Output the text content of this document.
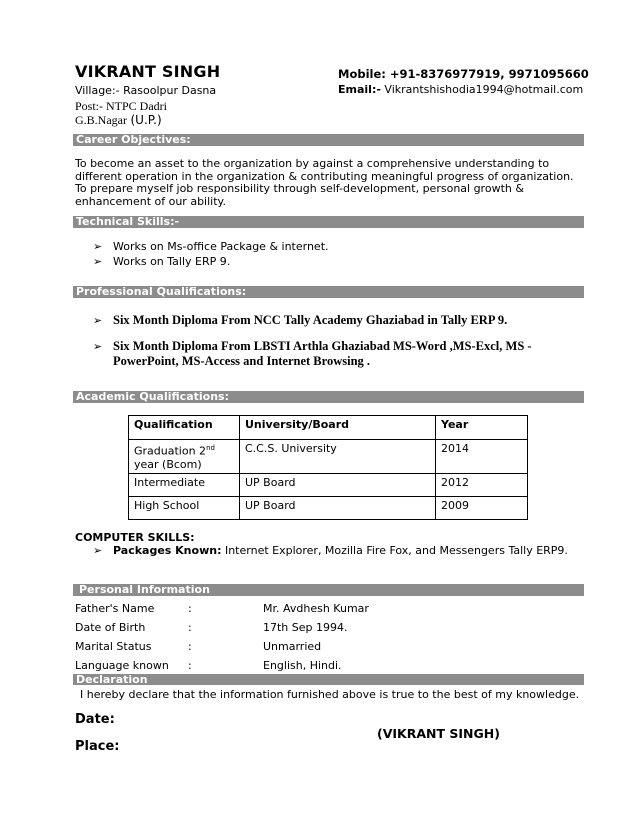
VIKRANT SINGH	Mobile: +91-8376977919, 9971095660
Village:- Rasoolpur Dasna	Email:- Vikrantshishodia1994@hotmail.com
Post:- NTPC Dadri
G.B.Nagar (U.P.)
Career Objectives:
To become an asset to the organization by against a comprehensive understanding to different operation in the organization & contributing meaningful progress of organization. To prepare myself job responsibility through self-development, personal growth & enhancement of our ability.
Technical Skills:-
➢ Works on Ms-office Package & internet.
➢ Works on Tally ERP 9.
Professional Qualifications:
➢ Six Month Diploma From NCC Tally Academy Ghaziabad in Tally ERP 9.
➢ Six Month Diploma From LBSTI Arthla Ghaziabad MS-Word ,MS-Excl, MS - PowerPoint, MS-Access and Internet Browsing .
Academic Qualifications:
Qualification	University/Board	Year
Graduation 2nd
year (Bcom)	C.C.S. University	2014
Intermediate	UP Board	2012
High School	UP Board	2009
COMPUTER SKILLS:
➢ Packages Known: Internet Explorer, Mozilla Fire Fox, and Messengers Tally ERP9.
Personal Information
Father's Name	:	Mr. Avdhesh Kumar
Date of Birth	:	17th Sep 1994.
Marital Status	:	Unmarried
Language known :	English, Hindi.
Declaration
I hereby declare that the information furnished above is true to the best of my knowledge.
Date:
(VIKRANT SINGH)
Place:
